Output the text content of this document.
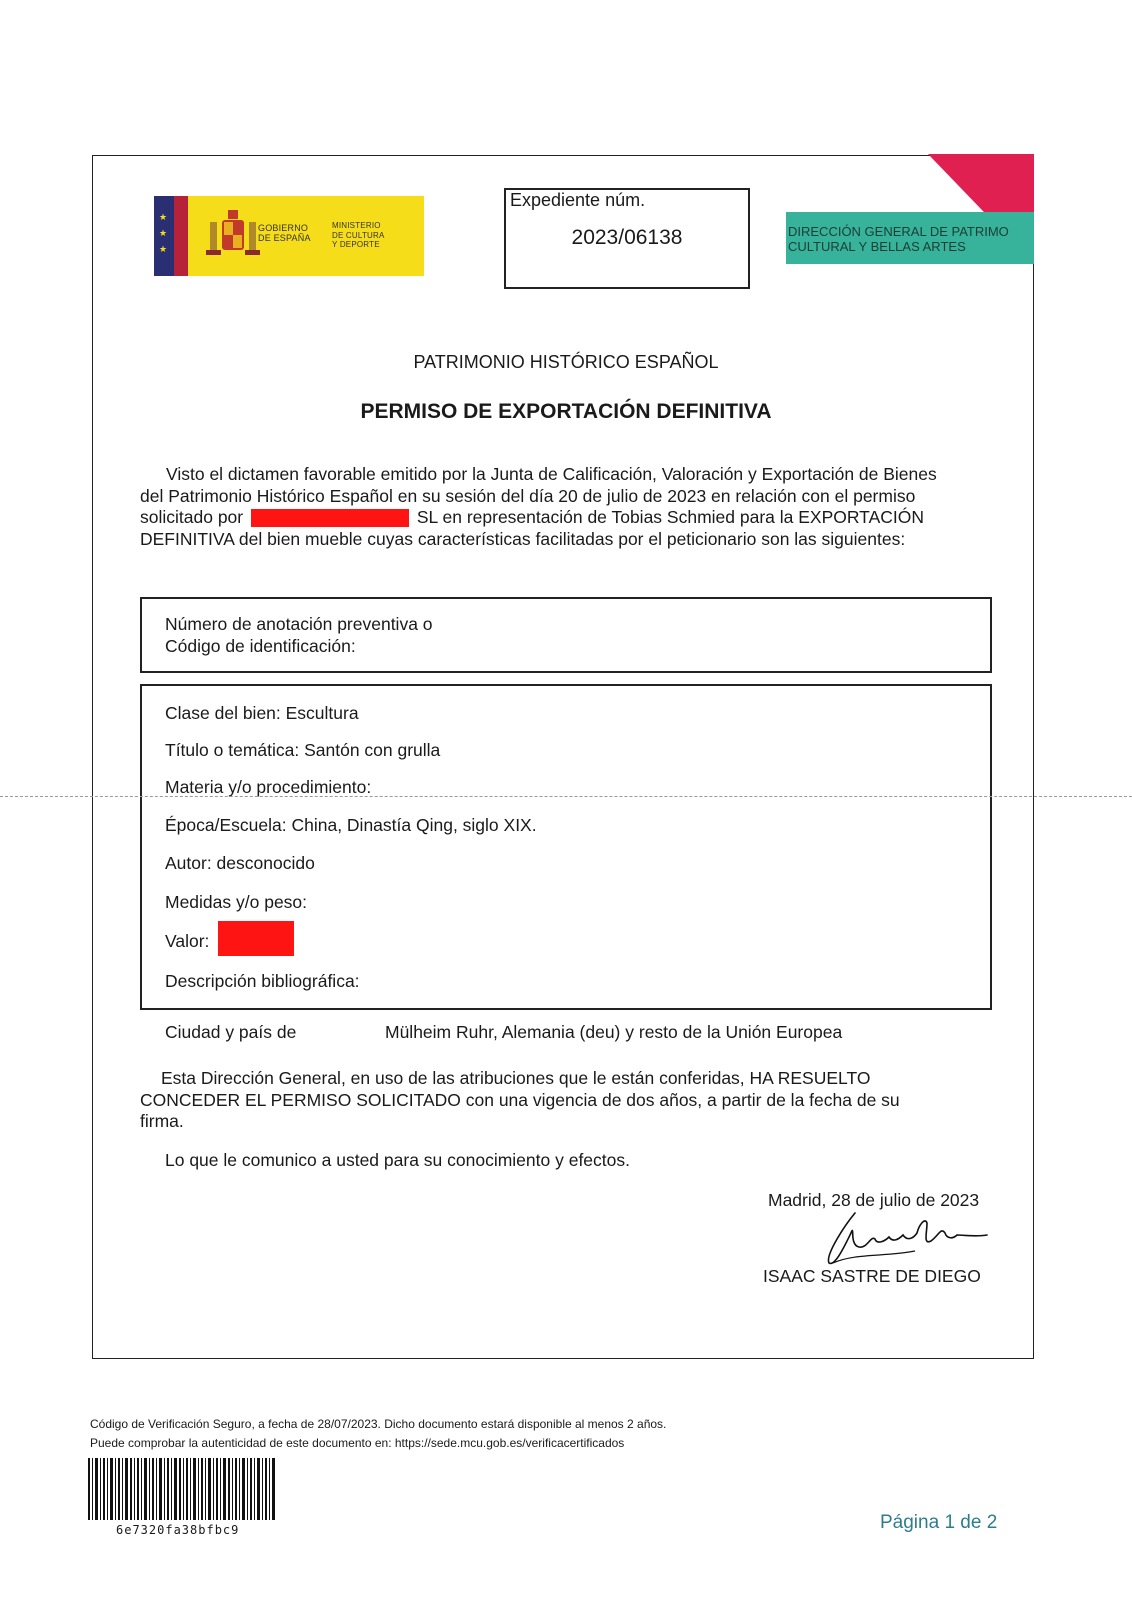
★
★
★
GOBIERNO
DE ESPAÑA
MINISTERIO
DE CULTURA
Y DEPORTE
Expediente núm.
2023/06138	DIRECCIÓN GENERAL DE PATRIMO
CULTURAL Y BELLAS ARTES
PATRIMONIO HISTÓRICO ESPAÑOL
PERMISO DE EXPORTACIÓN DEFINITIVA
Visto el dictamen favorable emitido por la Junta de Calificación, Valoración y Exportación de Bienes
del Patrimonio Histórico Español en su sesión del día 20 de julio de 2023 en relación con el permiso
solicitado por	SL en representación de Tobias Schmied para la EXPORTACIÓN
DEFINITIVA del bien mueble cuyas características facilitadas por el peticionario son las siguientes:
Número de anotación preventiva o
Código de identificación:
Clase del bien: Escultura
Título o temática: Santón con grulla
Materia y/o procedimiento:
Época/Escuela: China, Dinastía Qing, siglo XIX.
Autor: desconocido
Medidas y/o peso:
Valor:
Descripción bibliográfica:
Ciudad y país de	Mülheim Ruhr, Alemania (deu) y resto de la Unión Europea
Esta Dirección General, en uso de las atribuciones que le están conferidas, HA RESUELTO
CONCEDER EL PERMISO SOLICITADO con una vigencia de dos años, a partir de la fecha de su
firma.
Lo que le comunico a usted para su conocimiento y efectos.
Madrid, 28 de julio de 2023
ISAAC SASTRE DE DIEGO
Código de Verificación Seguro, a fecha de 28/07/2023. Dicho documento estará disponible al menos 2 años.
Puede comprobar la autenticidad de este documento en: https://sede.mcu.gob.es/verificacertificados
6e7320fa38bfbc9	Página 1 de 2
